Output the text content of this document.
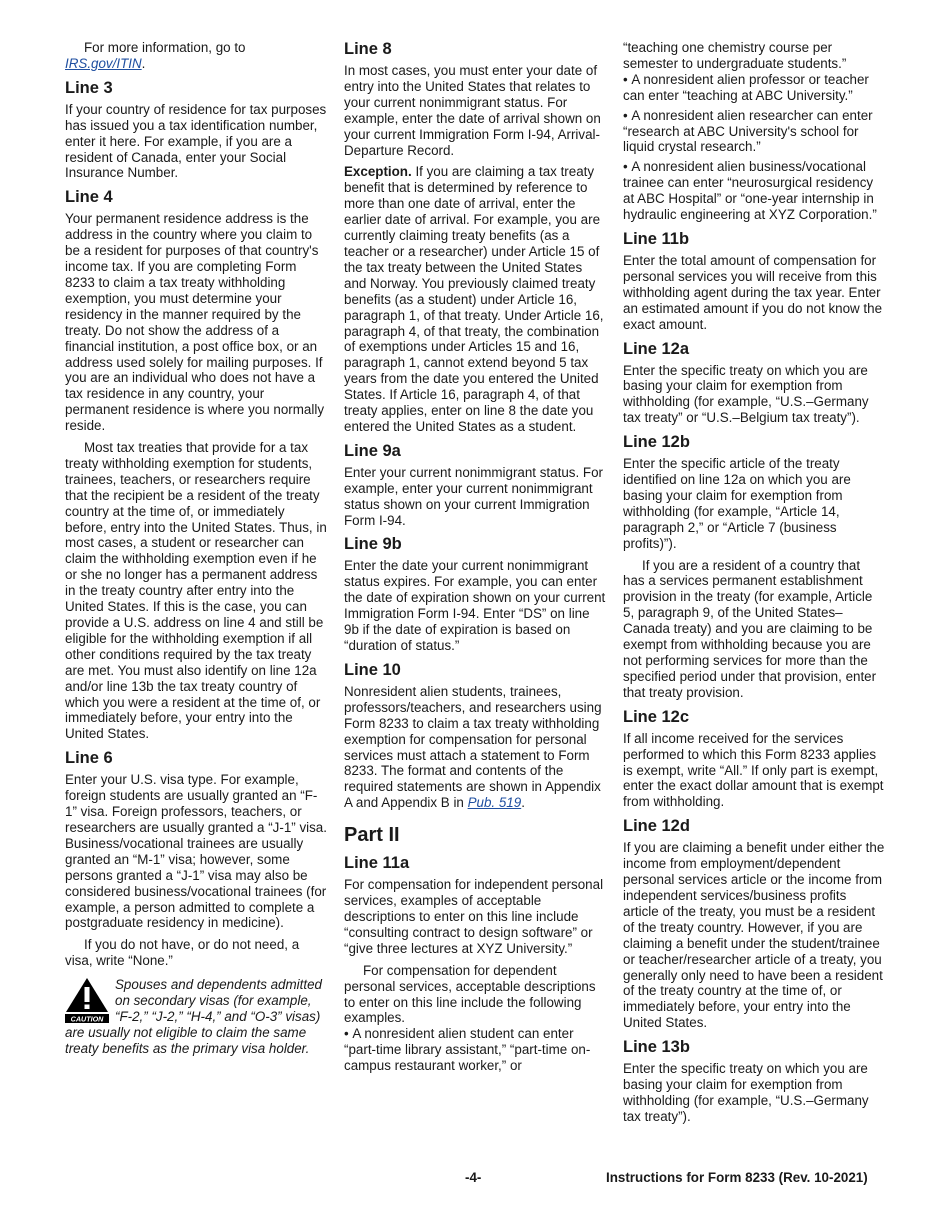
For more information, go to IRS.gov/ITIN.

Line 3

If your country of residence for tax purposes has issued you a tax identification number, enter it here. For example, if you are a resident of Canada, enter your Social Insurance Number.

Line 4

Your permanent residence address is the address in the country where you claim to be a resident for purposes of that country's income tax. If you are completing Form 8233 to claim a tax treaty withholding exemption, you must determine your residency in the manner required by the treaty. Do not show the address of a financial institution, a post office box, or an address used solely for mailing purposes. If you are an individual who does not have a tax residence in any country, your permanent residence is where you normally reside.

Most tax treaties that provide for a tax treaty withholding exemption for students, trainees, teachers, or researchers require that the recipient be a resident of the treaty country at the time of, or immediately before, entry into the United States. Thus, in most cases, a student or researcher can claim the withholding exemption even if he or she no longer has a permanent address in the treaty country after entry into the United States. If this is the case, you can provide a U.S. address on line 4 and still be eligible for the withholding exemption if all other conditions required by the tax treaty are met. You must also identify on line 12a and/or line 13b the tax treaty country of which you were a resident at the time of, or immediately before, your entry into the United States.

Line 6

Enter your U.S. visa type. For example, foreign students are usually granted an “F-1” visa. Foreign professors, teachers, or researchers are usually granted a “J-1” visa. Business/vocational trainees are usually granted an “M-1” visa; however, some persons granted a “J-1” visa may also be considered business/vocational trainees (for example, a person admitted to complete a postgraduate residency in medicine).

If you do not have, or do not need, a visa, write “None.”

CAUTION
Spouses and dependents admitted on secondary visas (for example, “F-2,” “J-2,” “H-4,” and “O-3” visas) are usually not eligible to claim the same treaty benefits as the primary visa holder.
Line 8

In most cases, you must enter your date of entry into the United States that relates to your current nonimmigrant status. For example, enter the date of arrival shown on your current Immigration Form I-94, Arrival-Departure Record.

Exception. If you are claiming a tax treaty benefit that is determined by reference to more than one date of arrival, enter the earlier date of arrival. For example, you are currently claiming treaty benefits (as a teacher or a researcher) under Article 15 of the tax treaty between the United States and Norway. You previously claimed treaty benefits (as a student) under Article 16, paragraph 1, of that treaty. Under Article 16, paragraph 4, of that treaty, the combination of exemptions under Articles 15 and 16, paragraph 1, cannot extend beyond 5 tax years from the date you entered the United States. If Article 16, paragraph 4, of that treaty applies, enter on line 8 the date you entered the United States as a student.

Line 9a

Enter your current nonimmigrant status. For example, enter your current nonimmigrant status shown on your current Immigration Form I-94.

Line 9b

Enter the date your current nonimmigrant status expires. For example, you can enter the date of expiration shown on your current Immigration Form I-94. Enter “DS” on line 9b if the date of expiration is based on “duration of status.”

Line 10

Nonresident alien students, trainees, professors/teachers, and researchers using Form 8233 to claim a tax treaty withholding exemption for compensation for personal services must attach a statement to Form 8233. The format and contents of the required statements are shown in Appendix A and Appendix B in Pub. 519.

Part II
Line 11a

For compensation for independent personal services, examples of acceptable descriptions to enter on this line include “consulting contract to design software” or “give three lectures at XYZ University.”

For compensation for dependent personal services, acceptable descriptions to enter on this line include the following examples.

• A nonresident alien student can enter “part-time library assistant,” “part-time on-campus restaurant worker,” or

“teaching one chemistry course per semester to undergraduate students.”

• A nonresident alien professor or teacher can enter “teaching at ABC University.”

• A nonresident alien researcher can enter “research at ABC University's school for liquid crystal research.”

• A nonresident alien business/vocational trainee can enter “neurosurgical residency at ABC Hospital” or “one-year internship in hydraulic engineering at XYZ Corporation.”

Line 11b

Enter the total amount of compensation for personal services you will receive from this withholding agent during the tax year. Enter an estimated amount if you do not know the exact amount.

Line 12a

Enter the specific treaty on which you are basing your claim for exemption from withholding (for example, “U.S.–Germany tax treaty” or “U.S.–Belgium tax treaty”).

Line 12b

Enter the specific article of the treaty identified on line 12a on which you are basing your claim for exemption from withholding (for example, “Article 14, paragraph 2,” or “Article 7 (business profits)”).

If you are a resident of a country that has a services permanent establishment provision in the treaty (for example, Article 5, paragraph 9, of the United States–Canada treaty) and you are claiming to be exempt from withholding because you are not performing services for more than the specified period under that provision, enter that treaty provision.

Line 12c

If all income received for the services performed to which this Form 8233 applies is exempt, write “All.” If only part is exempt, enter the exact dollar amount that is exempt from withholding.

Line 12d

If you are claiming a benefit under either the income from employment/dependent personal services article or the income from independent services/business profits article of the treaty, you must be a resident of the treaty country. However, if you are claiming a benefit under the student/trainee or teacher/researcher article of a treaty, you generally only need to have been a resident of the treaty country at the time of, or immediately before, your entry into the United States.

Line 13b

Enter the specific treaty on which you are basing your claim for exemption from withholding (for example, “U.S.–Germany tax treaty”).

-4-	Instructions for Form 8233 (Rev. 10-2021)
